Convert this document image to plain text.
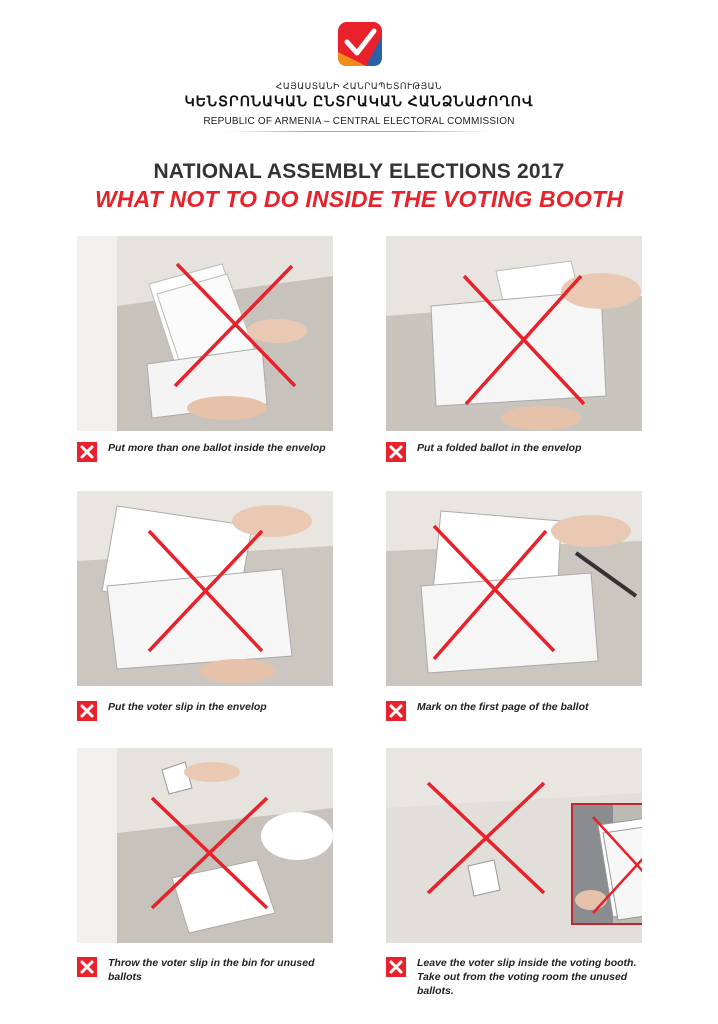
ՀԱՅԱՍՏԱՆԻ ՀԱՆՐԱՊԵՏՈՒԹՅԱՆ
ԿԵՆՏՐՈՆԱԿԱՆ ԸՆՏՐԱԿԱՆ ՀԱՆՁՆԱԺՈՂՈՎ
REPUBLIC OF ARMENIA – CENTRAL ELECTORAL COMMISSION
NATIONAL ASSEMBLY ELECTIONS 2017
WHAT NOT TO DO INSIDE THE VOTING BOOTH
Put more than one ballot inside the envelop	Put a folded ballot in the envelop
Put the voter slip in the envelop	Mark on the first page of the ballot
Throw the voter slip in the bin for unused ballots
Leave the voter slip inside the voting booth. Take out from the voting room the unused ballots.
